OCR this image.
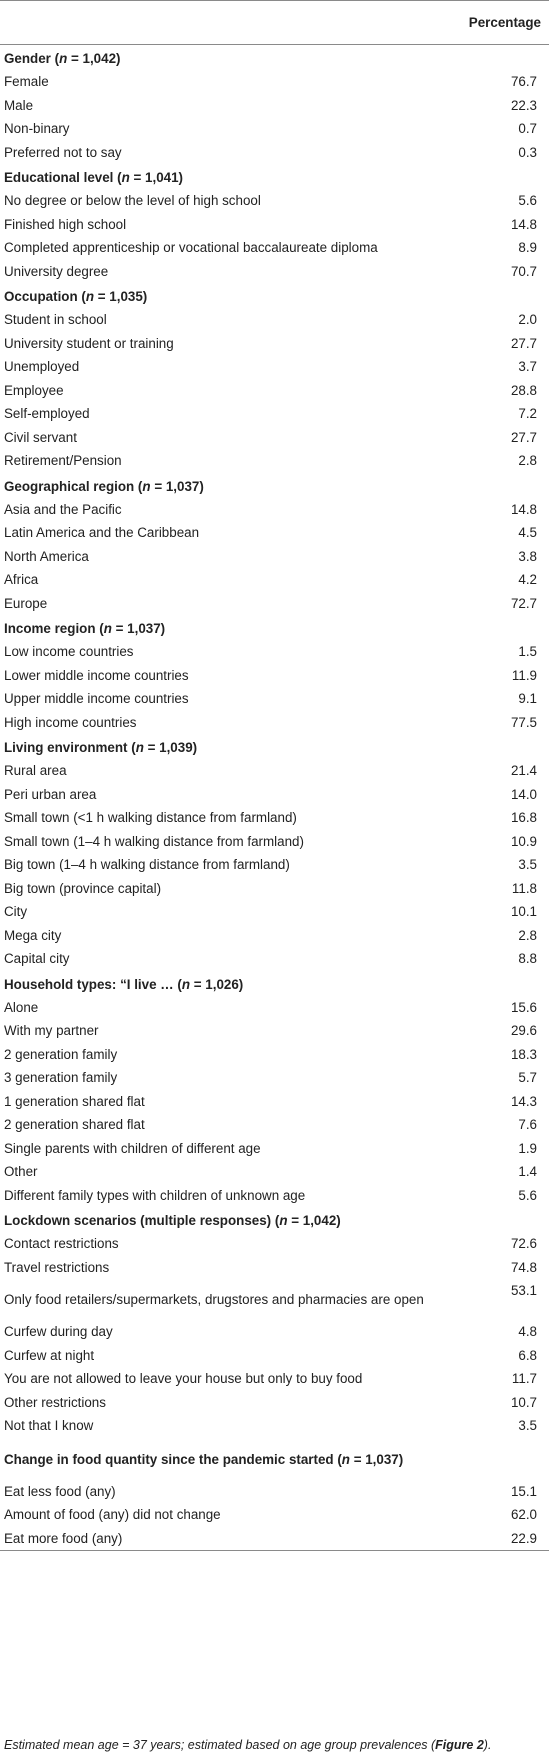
	Percentage
Gender (n = 1,042)	
Female	76.7
Male	22.3
Non-binary	0.7
Preferred not to say	0.3
Educational level (n = 1,041)	
No degree or below the level of high school	5.6
Finished high school	14.8
Completed apprenticeship or vocational baccalaureate diploma	8.9
University degree	70.7
Occupation (n = 1,035)	
Student in school	2.0
University student or training	27.7
Unemployed	3.7
Employee	28.8
Self-employed	7.2
Civil servant	27.7
Retirement/Pension	2.8
Geographical region (n = 1,037)	
Asia and the Pacific	14.8
Latin America and the Caribbean	4.5
North America	3.8
Africa	4.2
Europe	72.7
Income region (n = 1,037)	
Low income countries	1.5
Lower middle income countries	11.9
Upper middle income countries	9.1
High income countries	77.5
Living environment (n = 1,039)	
Rural area	21.4
Peri urban area	14.0
Small town (<1 h walking distance from farmland)	16.8
Small town (1–4 h walking distance from farmland)	10.9
Big town (1–4 h walking distance from farmland)	3.5
Big town (province capital)	11.8
City	10.1
Mega city	2.8
Capital city	8.8
Household types: “I live … (n = 1,026)	
Alone	15.6
With my partner	29.6
2 generation family	18.3
3 generation family	5.7
1 generation shared flat	14.3
2 generation shared flat	7.6
Single parents with children of different age	1.9
Other	1.4
Different family types with children of unknown age	5.6
Lockdown scenarios (multiple responses) (n = 1,042)	
Contact restrictions	72.6
Travel restrictions	74.8
Only food retailers/supermarkets, drugstores and pharmacies are open	53.1
Curfew during day	4.8
Curfew at night	6.8
You are not allowed to leave your house but only to buy food	11.7
Other restrictions	10.7
Not that I know	3.5
Change in food quantity since the pandemic started (n = 1,037)	
Eat less food (any)	15.1
Amount of food (any) did not change	62.0
Eat more food (any)	22.9
Estimated mean age = 37 years; estimated based on age group prevalences (Figure 2).
